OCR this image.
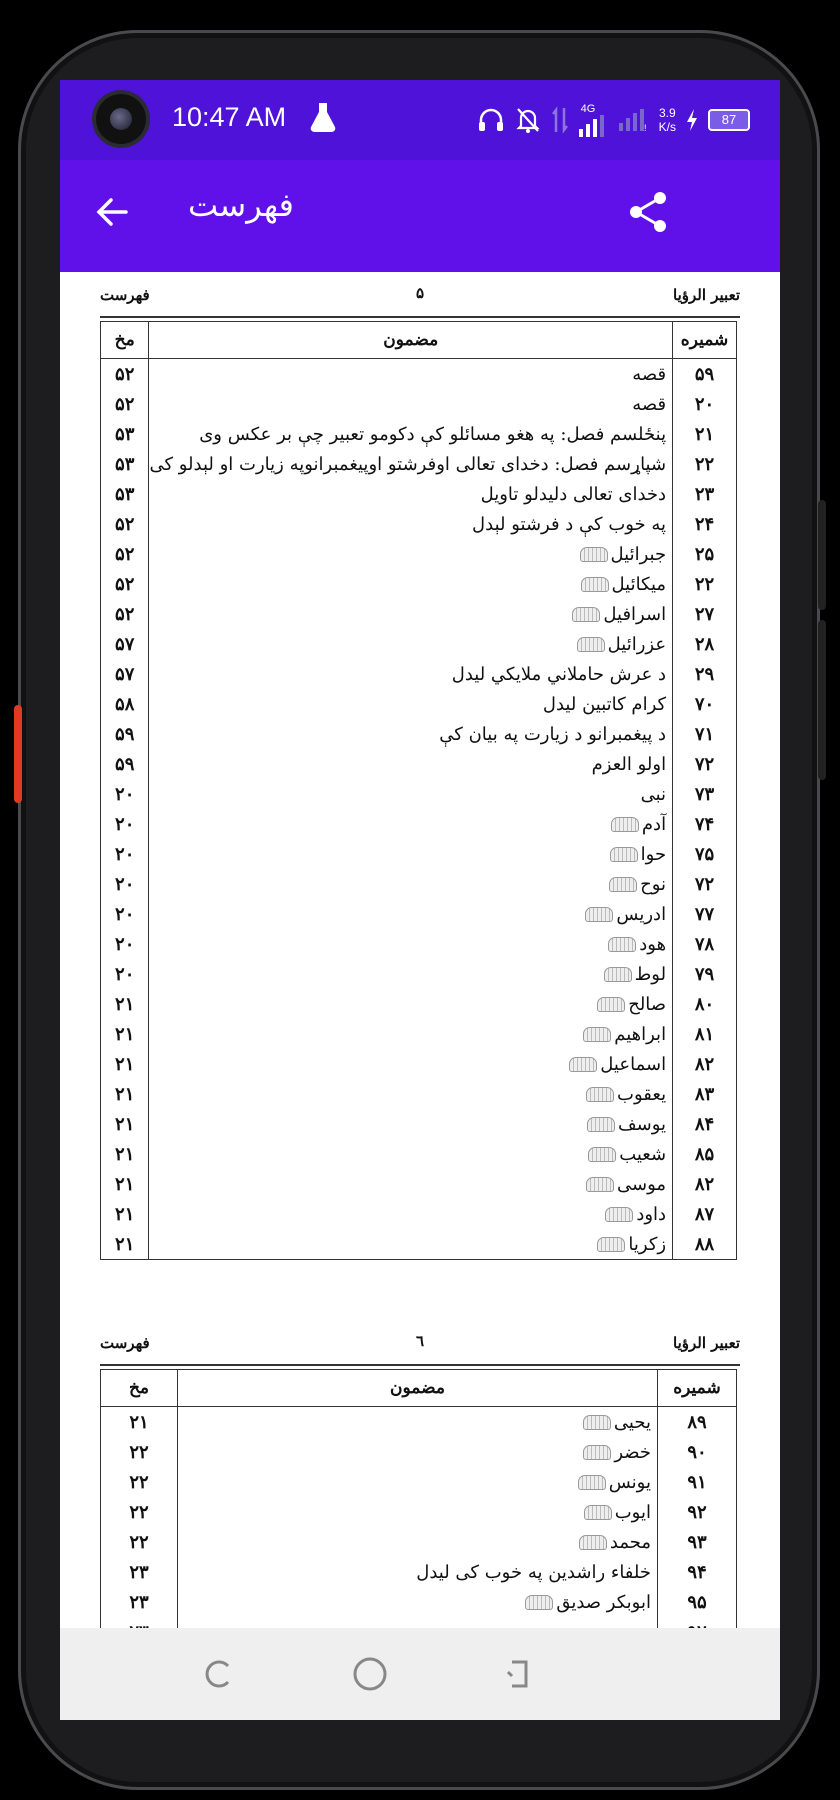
10:47 AM	4G
!
3.9
K/s	87
فهرست
فهرست	۵	تعبیر الرؤیا
مخ	مضمون	شمیره
۵۲	قصه	۵۹
۵۲	قصه	۲۰
۵۳	پنځلسم فصل: په هغو مسائلو کې دکومو تعبیر چې بر عکس وی	۲۱
۵۳	شپاړسم فصل: دخدای تعالی اوفرشتو اوپیغمبرانوپه زیارت او لېدلو کی	۲۲
۵۳	دخدای تعالی دلیدلو تاویل	۲۳
۵۲	په خوب کې د فرشتو لېدل	۲۴
۵۲	جبرائیل	۲۵
۵۲	میکائیل	۲۲
۵۲	اسرافیل	۲۷
۵۷	عزرائیل	۲۸
۵۷	د عرش حاملاني ملايکي ليدل	۲۹
۵۸	کرام کاتبین لیدل	۷۰
۵۹	د پیغمبرانو د زیارت په بیان کې	۷۱
۵۹	اولو العزم	۷۲
۲۰	نبی	۷۳
۲۰	آدم	۷۴
۲۰	حوا	۷۵
۲۰	نوح	۷۲
۲۰	ادریس	۷۷
۲۰	هود	۷۸
۲۰	لوط	۷۹
۲۱	صالح	۸۰
۲۱	ابراهیم	۸۱
۲۱	اسماعیل	۸۲
۲۱	یعقوب	۸۳
۲۱	یوسف	۸۴
۲۱	شعیب	۸۵
۲۱	موسی	۸۲
۲۱	داود	۸۷
۲۱	زکریا	۸۸
فهرست	٦	تعبیر الرؤیا
مخ	مضمون	شمیره
۲۱	یحیی	۸۹
۲۲	خضر	۹۰
۲۲	یونس	۹۱
۲۲	ایوب	۹۲
۲۲	محمد	۹۳
۲۳	خلفاء راشدین په خوب کی لیدل	۹۴
۲۳	ابوبکر صدیق	۹۵
